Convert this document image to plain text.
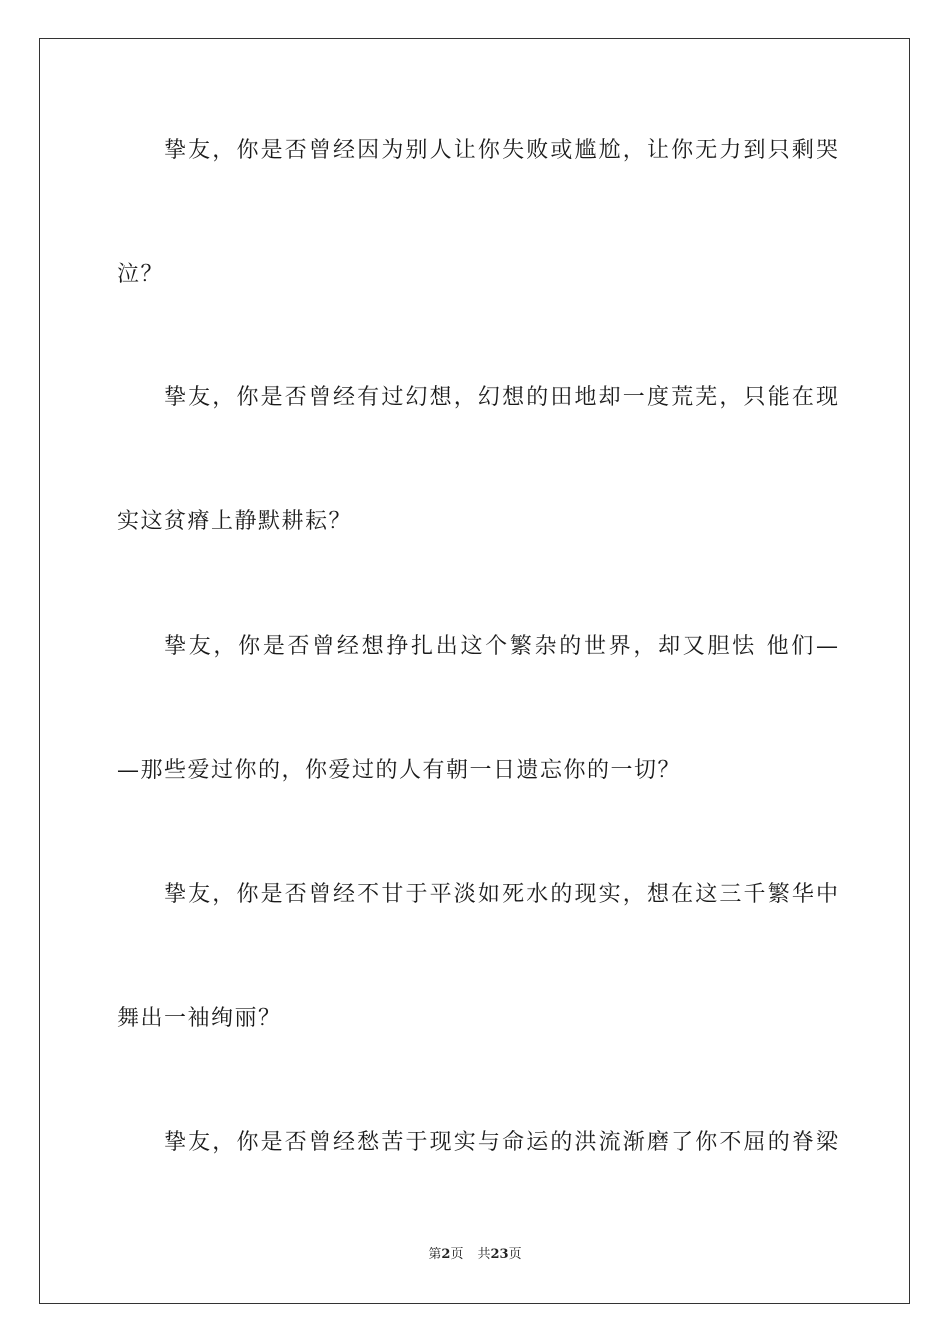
挚友，你是否曾经因为别人让你失败或尴尬，让你无力到只剩哭
泣？
挚友，你是否曾经有过幻想，幻想的田地却一度荒芜，只能在现
实这贫瘠上静默耕耘？
挚友，你是否曾经想挣扎出这个繁杂的世界，却又胆怯 他们—
—那些爱过你的，你爱过的人有朝一日遗忘你的一切？
挚友，你是否曾经不甘于平淡如死水的现实，想在这三千繁华中
舞出一袖绚丽？
挚友，你是否曾经愁苦于现实与命运的洪流渐磨了你不屈的脊梁
第2页 共23页
